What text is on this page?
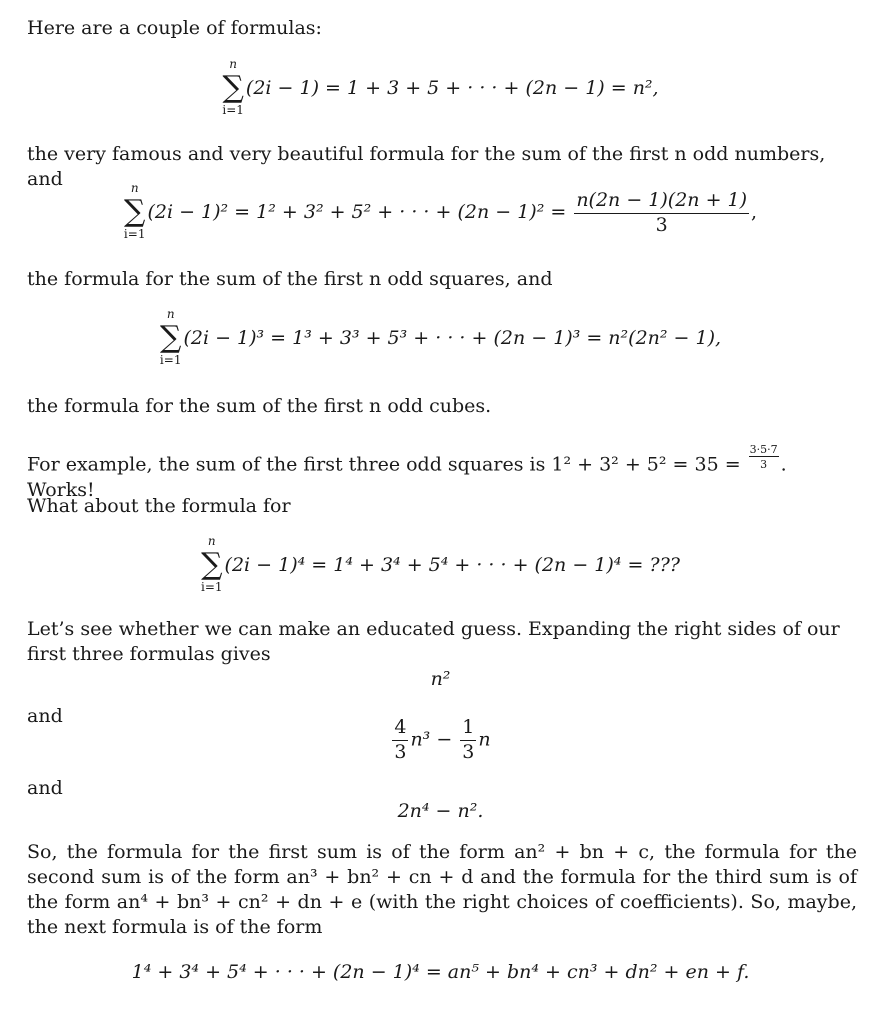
Here are a couple of formulas:
n
∑
i=1
(2i − 1) = 1 + 3 + 5 + · · · + (2n − 1) = n²,
the very famous and very beautiful formula for the sum of the first n odd numbers, and	n
∑
i=1
(2i − 1)² = 1² + 3² + 5² + · · · + $(2n - 1)^2 = \frac{n(2n - 1)(2n + 1)}{3}$ ,
the formula for the sum of the first n odd squares, and
n
∑
i=1
(2i − 1)³ = 1³ + 3³ + 5³ + · · · + (2n − 1)³ = n²(2n² − 1),
the formula for the sum of the first n odd cubes.
For example, the sum of the first three odd squares is $1^2 + 3^2 + 5^2 = 35 = \frac{3\cdot 5\cdot 7}{3}$ . Works!
What about the formula for
n
∑
i=1
(2i − 1)⁴ = 1⁴ + 3⁴ + 5⁴ + · · · + (2n − 1)⁴ = ???
Let’s see whether we can make an educated guess. Expanding the right sides of our first three formulas gives
n²
and
$\frac{4}{3} n^3 - \frac{1}{3}$ n
and
2n⁴ − n².
So, the formula for the first sum is of the form an² + bn + c, the formula for the second sum is of the form an³ + bn² + cn + d and the formula for the third sum is of the form an⁴ + bn³ + cn² + dn + e (with the right choices of coefficients). So, maybe, the next formula is of the form
1⁴ + 3⁴ + 5⁴ + · · · + (2n − 1)⁴ = an⁵ + bn⁴ + cn³ + dn² + en + f.
